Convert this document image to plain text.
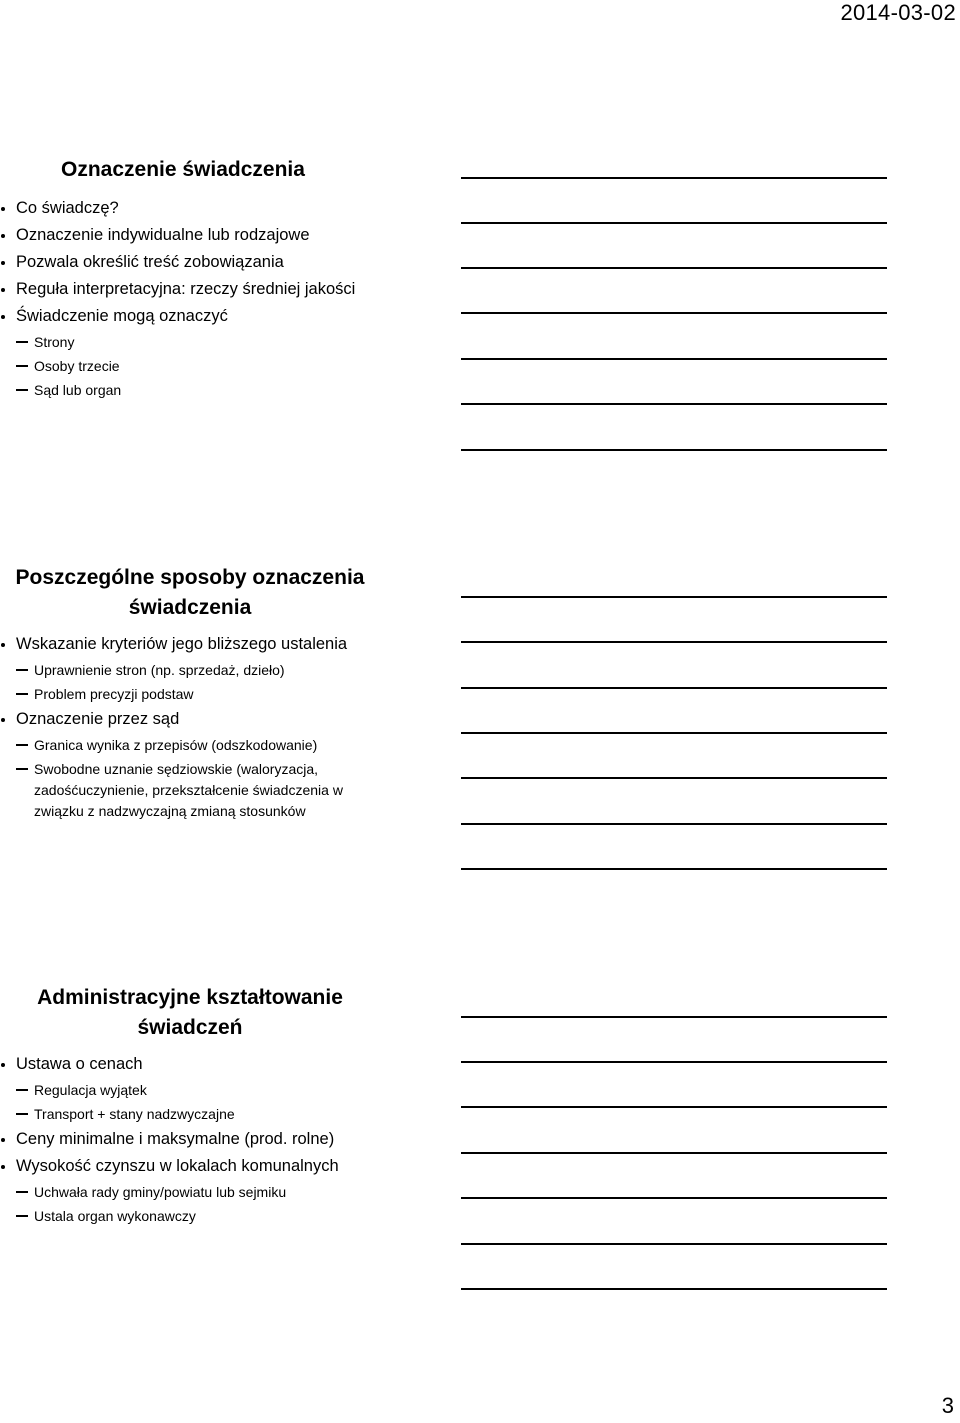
2014-03-02
Oznaczenie świadczenia
Co świadczę?
Oznaczenie indywidualne lub rodzajowe
Pozwala określić treść zobowiązania
Reguła interpretacyjna: rzeczy średniej jakości
Świadczenie mogą oznaczyć
Strony
Osoby trzecie
Sąd lub organ
Poszczególne sposoby oznaczenia świadczenia
Wskazanie kryteriów jego bliższego ustalenia
Uprawnienie stron (np. sprzedaż, dzieło)
Problem precyzji podstaw
Oznaczenie przez sąd
Granica wynika z przepisów (odszkodowanie)
Swobodne uznanie sędziowskie (waloryzacja, zadośćuczynienie, przekształcenie świadczenia w związku z nadzwyczajną zmianą stosunków
Administracyjne kształtowanie świadczeń
Ustawa o cenach
Regulacja wyjątek
Transport + stany nadzwyczajne
Ceny minimalne i maksymalne (prod. rolne)
Wysokość czynszu w lokalach komunalnych
Uchwała rady gminy/powiatu lub sejmiku
Ustala organ wykonawczy
3
